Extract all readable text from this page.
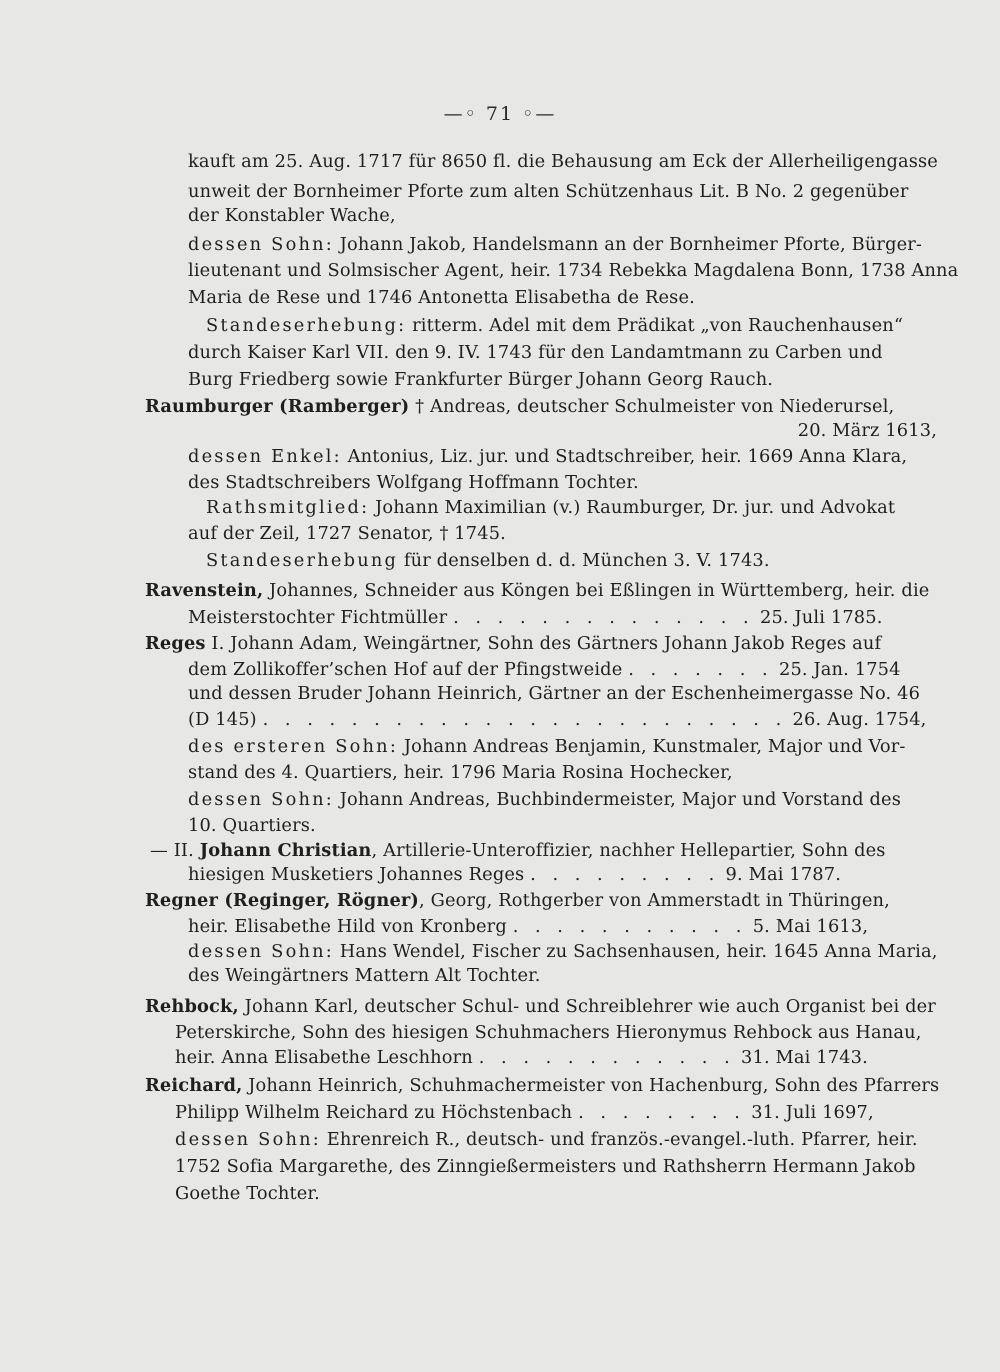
—◦ 71 ◦—
kauft am 25. Aug. 1717 für 8650 fl. die Behausung am Eck der Allerheiligengasse
unweit der Bornheimer Pforte zum alten Schützenhaus Lit. B No. 2 gegenüber
der Konstabler Wache,
dessen Sohn: Johann Jakob, Handelsmann an der Bornheimer Pforte, Bürger-
lieutenant und Solmsischer Agent, heir. 1734 Rebekka Magdalena Bonn, 1738 Anna
Maria de Rese und 1746 Antonetta Elisabetha de Rese.
Standeserhebung: ritterm. Adel mit dem Prädikat „von Rauchenhausen“
durch Kaiser Karl VII. den 9. IV. 1743 für den Landamtmann zu Carben und
Burg Friedberg sowie Frankfurter Bürger Johann Georg Rauch.
Raumburger (Ramberger) † Andreas, deutscher Schulmeister von Niederursel,
20. März 1613,
dessen Enkel: Antonius, Liz. jur. und Stadtschreiber, heir. 1669 Anna Klara,
des Stadtschreibers Wolfgang Hoffmann Tochter.
Rathsmitglied: Johann Maximilian (v.) Raumburger, Dr. jur. und Advokat
auf der Zeil, 1727 Senator, † 1745.
Standeserhebung für denselben d. d. München 3. V. 1743.
Ravenstein, Johannes, Schneider aus Köngen bei Eßlingen in Württemberg, heir. die
Meisterstochter Fichtmüller . . . . . . . . . . . . . . 25. Juli 1785.
Reges I. Johann Adam, Weingärtner, Sohn des Gärtners Johann Jakob Reges auf
dem Zollikoffer’schen Hof auf der Pfingstweide . . . . . . . 25. Jan. 1754
und dessen Bruder Johann Heinrich, Gärtner an der Eschenheimergasse No. 46
(D 145) . . . . . . . . . . . . . . . . . . . . . . . . 26. Aug. 1754,
des ersteren Sohn: Johann Andreas Benjamin, Kunstmaler, Major und Vor-
stand des 4. Quartiers, heir. 1796 Maria Rosina Hochecker,
dessen Sohn: Johann Andreas, Buchbindermeister, Major und Vorstand des
10. Quartiers.
— II. Johann Christian, Artillerie-Unteroffizier, nachher Hellepartier, Sohn des
hiesigen Musketiers Johannes Reges . . . . . . . . . 9. Mai 1787.
Regner (Reginger, Rögner), Georg, Rothgerber von Ammerstadt in Thüringen,
heir. Elisabethe Hild von Kronberg . . . . . . . . . . . 5. Mai 1613,
dessen Sohn: Hans Wendel, Fischer zu Sachsenhausen, heir. 1645 Anna Maria,
des Weingärtners Mattern Alt Tochter.
Rehbock, Johann Karl, deutscher Schul- und Schreiblehrer wie auch Organist bei der
Peterskirche, Sohn des hiesigen Schuhmachers Hieronymus Rehbock aus Hanau,
heir. Anna Elisabethe Leschhorn . . . . . . . . . . . . 31. Mai 1743.
Reichard, Johann Heinrich, Schuhmachermeister von Hachenburg, Sohn des Pfarrers
Philipp Wilhelm Reichard zu Höchstenbach . . . . . . . . 31. Juli 1697,
dessen Sohn: Ehrenreich R., deutsch- und französ.-evangel.-luth. Pfarrer, heir.
1752 Sofia Margarethe, des Zinngießermeisters und Rathsherrn Hermann Jakob
Goethe Tochter.
